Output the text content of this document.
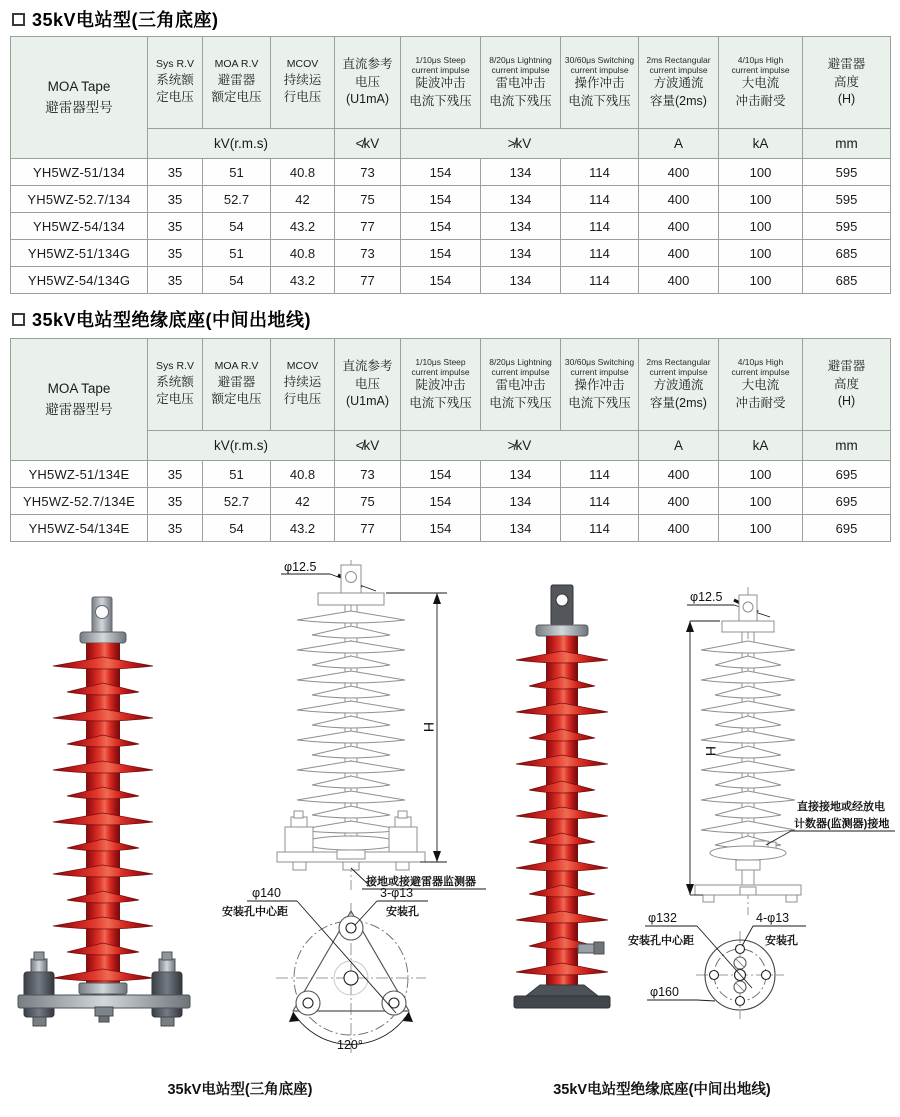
35kV电站型(三角底座)
MOA Tape
避雷器型号

Sys R.V
系统额
定电压

MOA R.V
避雷器
额定电压

MCOV
持续运
行电压

直流参考
电压
(U1mA)

1/10μs Steep
current impulse
陡波冲击
电流下残压

8/20μs Lightning
current impulse
雷电冲击
电流下残压

30/60μs Switching
current impulse
操作冲击
电流下残压

2ms Rectangular
current impulse
方波通流
容量(2ms)

4/10μs High
current impulse
大电流
冲击耐受

避雷器
高度
(H)

	kV(r.m.s)			≮kV	≯kV			A	kA	mm
YH5WZ-51/134	35	51	40.8	73	154	134	114	400	100	595
YH5WZ-52.7/134	35	52.7	42	75	154	134	114	400	100	595
YH5WZ-54/134	35	54	43.2	77	154	134	114	400	100	595
YH5WZ-51/134G	35	51	40.8	73	154	134	114	400	100	685
YH5WZ-54/134G	35	54	43.2	77	154	134	114	400	100	685
35kV电站型绝缘底座(中间出地线)
MOA Tape
避雷器型号

Sys R.V
系统额
定电压

MOA R.V
避雷器
额定电压

MCOV
持续运
行电压

直流参考
电压
(U1mA)

1/10μs Steep
current impulse
陡波冲击
电流下残压

8/20μs Lightning
current impulse
雷电冲击
电流下残压

30/60μs Switching
current impulse
操作冲击
电流下残压

2ms Rectangular
current impulse
方波通流
容量(2ms)

4/10μs High
current impulse
大电流
冲击耐受

避雷器
高度
(H)

	kV(r.m.s)			≮kV	≯kV			A	kA	mm
YH5WZ-51/134E	35	51	40.8	73	154	134	114	400	100	695
YH5WZ-52.7/134E	35	52.7	42	75	154	134	114	400	100	695
YH5WZ-54/134E	35	54	43.2	77	154	134	114	400	100	695
φ12.5
H
接地或接避雷器监测器
φ140
安装孔中心距
3-φ13
安装孔
120°
φ12.5
H
直接接地或经放电
计数器(监测器)接地
φ132
安装孔中心距
4-φ13
安装孔
φ160
35kV电站型(三角底座)	35kV电站型绝缘底座(中间出地线)
